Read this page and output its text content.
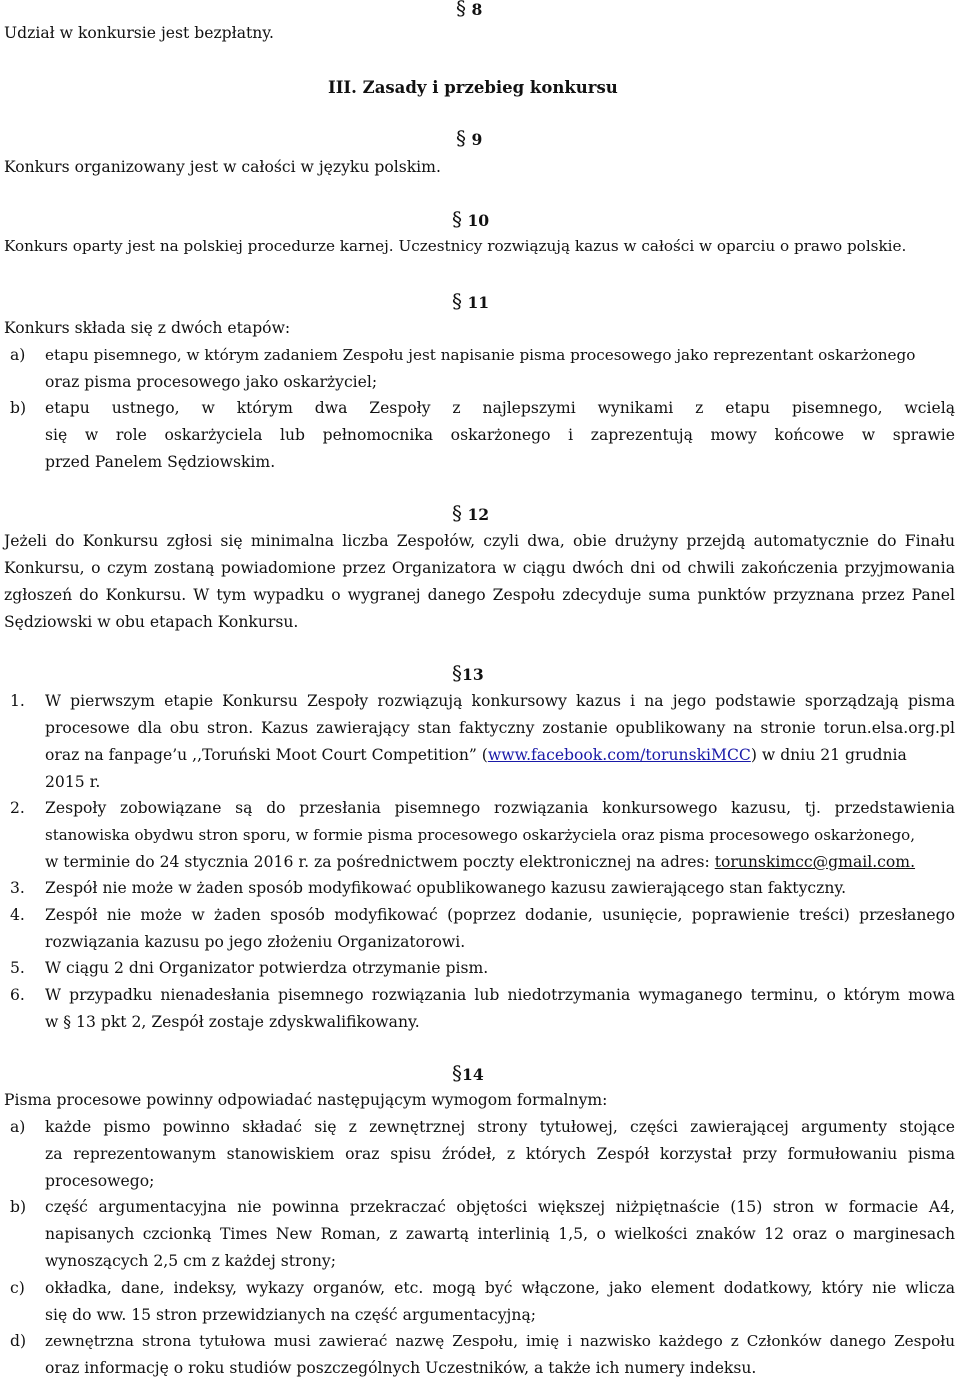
Udział w konkursie jest bezpłatny.
§ 8
III. Zasady i przebieg konkursu
§ 9
Konkurs organizowany jest w całości w języku polskim.
§ 10
Konkurs oparty jest na polskiej procedurze karnej. Uczestnicy rozwiązują kazus w całości w oparciu o prawo polskie.
§ 11
Konkurs składa się z dwóch etapów:
a) etapu pisemnego, w którym zadaniem Zespołu jest napisanie pisma procesowego jako reprezentant oskarżonego
oraz pisma procesowego jako oskarżyciel;
b) etapu ustnego, w którym dwa Zespoły z najlepszymi wynikami z etapu pisemnego, wcielą
się w role oskarżyciela lub pełnomocnika oskarżonego i zaprezentują mowy końcowe w sprawie
przed Panelem Sędziowskim.
§ 12
Jeżeli do Konkursu zgłosi się minimalna liczba Zespołów, czyli dwa, obie drużyny przejdą automatycznie do Finału
Konkursu, o czym zostaną powiadomione przez Organizatora w ciągu dwóch dni od chwili zakończenia przyjmowania
zgłoszeń do Konkursu. W tym wypadku o wygranej danego Zespołu zdecyduje suma punktów przyznana przez Panel
Sędziowski w obu etapach Konkursu.
§13
1. W pierwszym etapie Konkursu Zespoły rozwiązują konkursowy kazus i na jego podstawie sporządzają pisma
procesowe dla obu stron. Kazus zawierający stan faktyczny zostanie opublikowany na stronie torun.elsa.org.pl
oraz na fanpage’u ,,Toruński Moot Court Competition” (www.facebook.com/torunskiMCC) w dniu 21 grudnia
2015 r.
2. Zespoły zobowiązane są do przesłania pisemnego rozwiązania konkursowego kazusu, tj. przedstawienia
stanowiska obydwu stron sporu, w formie pisma procesowego oskarżyciela oraz pisma procesowego oskarżonego,
w terminie do 24 stycznia 2016 r. za pośrednictwem poczty elektronicznej na adres: torunskimcc@gmail.com.
3. Zespół nie może w żaden sposób modyfikować opublikowanego kazusu zawierającego stan faktyczny.
4. Zespół nie może w żaden sposób modyfikować (poprzez dodanie, usunięcie, poprawienie treści) przesłanego
rozwiązania kazusu po jego złożeniu Organizatorowi.
5. W ciągu 2 dni Organizator potwierdza otrzymanie pism.
6. W przypadku nienadesłania pisemnego rozwiązania lub niedotrzymania wymaganego terminu, o którym mowa
w § 13 pkt 2, Zespół zostaje zdyskwalifikowany.
§14
Pisma procesowe powinny odpowiadać następującym wymogom formalnym:
a) każde pismo powinno składać się z zewnętrznej strony tytułowej, części zawierającej argumenty stojące
za reprezentowanym stanowiskiem oraz spisu źródeł, z których Zespół korzystał przy formułowaniu pisma
procesowego;
b) część argumentacyjna nie powinna przekraczać objętości większej niżpiętnaście (15) stron w formacie A4,
napisanych czcionką Times New Roman, z zawartą interlinią 1,5, o wielkości znaków 12 oraz o marginesach
wynoszących 2,5 cm z każdej strony;
c) okładka, dane, indeksy, wykazy organów, etc. mogą być włączone, jako element dodatkowy, który nie wlicza
się do ww. 15 stron przewidzianych na część argumentacyjną;
d) zewnętrzna strona tytułowa musi zawierać nazwę Zespołu, imię i nazwisko każdego z Członków danego Zespołu
oraz informację o roku studiów poszczególnych Uczestników, a także ich numery indeksu.
